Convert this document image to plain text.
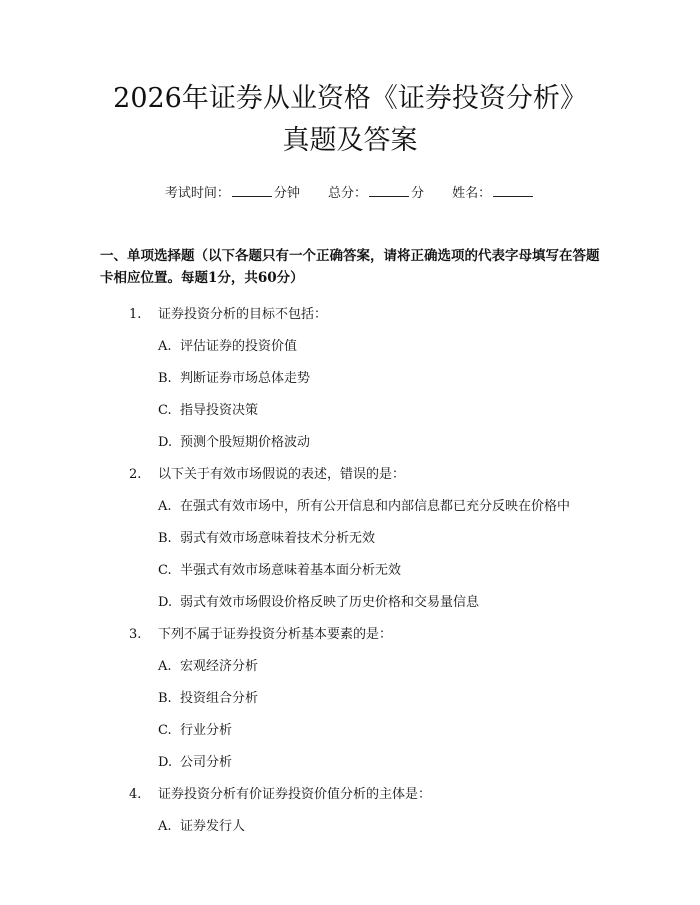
2026年证券从业资格《证券投资分析》真题及答案
考试时间：	分钟 总分：	分 姓名：
一、单项选择题（以下各题只有一个正确答案，请将正确选项的代表字母填写在答题卡相应位置。每题1分，共60分）
1. 证券投资分析的目标不包括：
A. 评估证券的投资价值
B. 判断证券市场总体走势
C. 指导投资决策
D. 预测个股短期价格波动
2. 以下关于有效市场假说的表述，错误的是：
A. 在强式有效市场中，所有公开信息和内部信息都已充分反映在价格中
B. 弱式有效市场意味着技术分析无效
C. 半强式有效市场意味着基本面分析无效
D. 弱式有效市场假设价格反映了历史价格和交易量信息
3. 下列不属于证券投资分析基本要素的是：
A. 宏观经济分析
B. 投资组合分析
C. 行业分析
D. 公司分析
4. 证券投资分析有价证券投资价值分析的主体是：
A. 证券发行人
